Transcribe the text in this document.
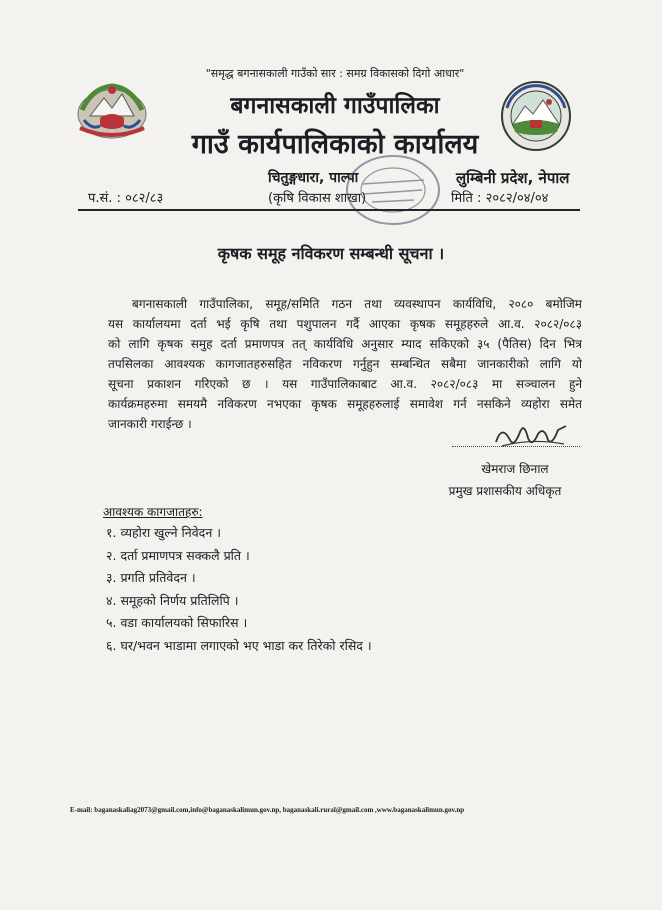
"समृद्ध बगनासकाली गाउँको सार : समग्र विकासको दिगो आधार"
बगनासकाली गाउँपालिका
गाउँ कार्यपालिकाको कार्यालय
चितुङ्गधारा, पाल्पा
(कृषि विकास शाखा)
लुम्बिनी प्रदेश, नेपाल
प.सं. : ०८२/८३	मिति : २०८२/०४/०४
कृषक समूह नविकरण सम्बन्धी सूचना ।
बगनासकाली गाउँपालिका, समूह/समिति गठन तथा व्यवस्थापन कार्यविधि, २०८० बमोजिम
यस कार्यालयमा दर्ता भई कृषि तथा पशुपालन गर्दै आएका कृषक समूहहरुले आ.व. २०८२/०८३
को लागि कृषक समुह दर्ता प्रमाणपत्र तत् कार्यविधि अनुसार म्याद सकिएको ३५ (पैतिस) दिन भित्र
तपसिलका आवश्यक कागजातहरुसहित नविकरण गर्नुहुन सम्बन्धित सबैमा जानकारीको लागि यो
सूचना प्रकाशन गरिएको छ । यस गाउँपालिकाबाट आ.व. २०८२/०८३ मा सञ्चालन हुने
कार्यक्रमहरुमा समयमै नविकरण नभएका कृषक समूहहरुलाई समावेश गर्न नसकिने व्यहोरा समेत
जानकारी गराईन्छ ।
खेमराज छिनाल
प्रमुख प्रशासकीय अधिकृत
आवश्यक कागजातहरु:
१. व्यहोरा खुल्ने निवेदन ।
२. दर्ता प्रमाणपत्र सक्कलै प्रति ।
३. प्रगति प्रतिवेदन ।
४. समूहको निर्णय प्रतिलिपि ।
५. वडा कार्यालयको सिफारिस ।
६. घर/भवन भाडामा लगाएको भए भाडा कर तिरेको रसिद ।
E-mail: baganaskaliag2073@gmail.com,info@baganaskalimun.gov.np, baganaskali.rural@gmail.com ,www.baganaskalimun.gov.np
